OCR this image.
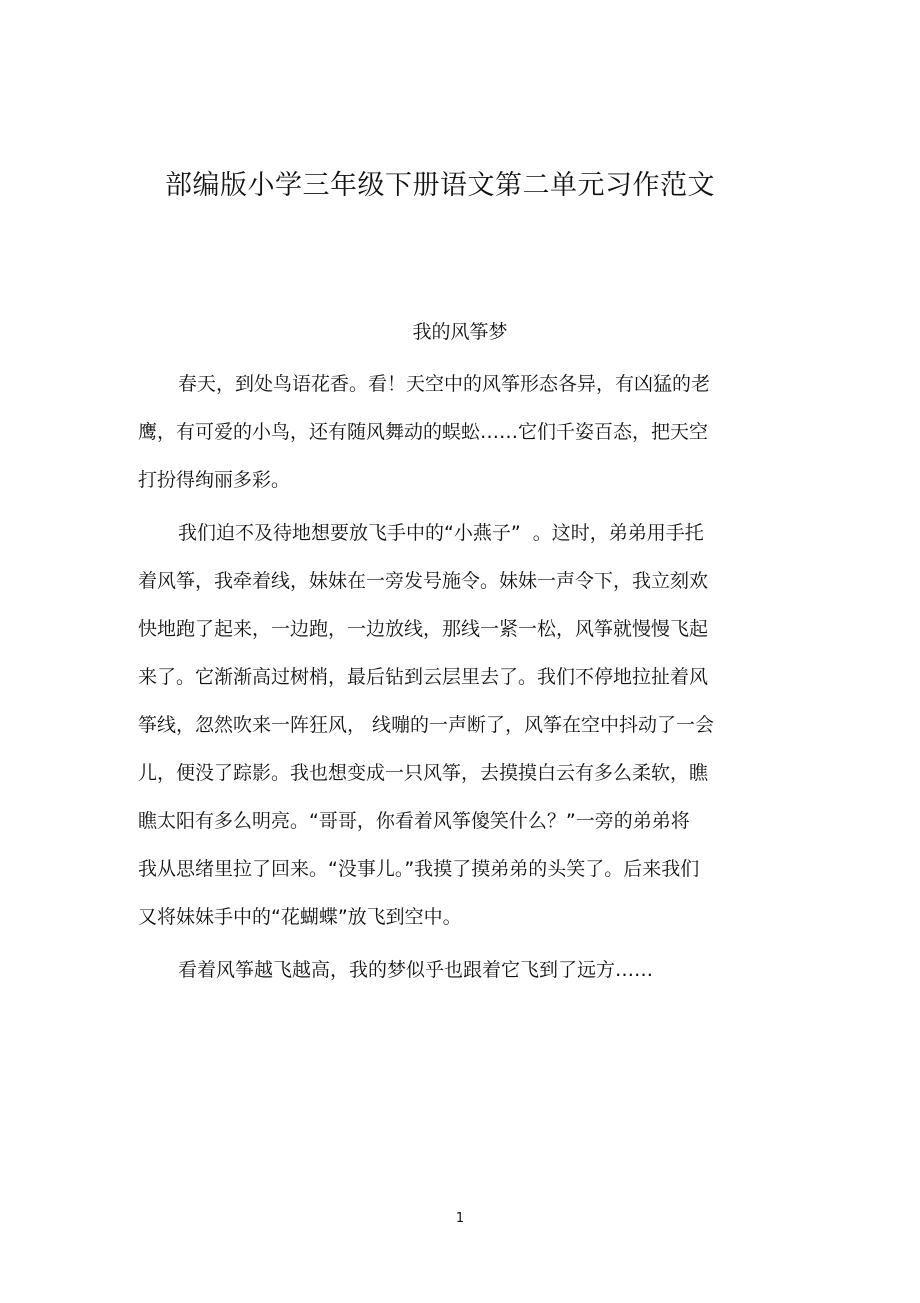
部编版小学三年级下册语文第二单元习作范文
我的风筝梦

春天，到处鸟语花香。看！天空中的风筝形态各异，有凶猛的老
鹰，有可爱的小鸟，还有随风舞动的蜈蚣……它们千姿百态，把天空
打扮得绚丽多彩。

我们迫不及待地想要放飞手中的“小燕子”  。这时，弟弟用手托
着风筝，我牵着线，妹妹在一旁发号施令。妹妹一声令下，我立刻欢
快地跑了起来，一边跑，一边放线，那线一紧一松，风筝就慢慢飞起
来了。它渐渐高过树梢，最后钻到云层里去了。我们不停地拉扯着风
筝线，忽然吹来一阵狂风， 线嘣的一声断了，风筝在空中抖动了一会
儿，便没了踪影。我也想变成一只风筝，去摸摸白云有多么柔软，瞧
瞧太阳有多么明亮。“哥哥，你看着风筝傻笑什么？”一旁的弟弟将
我从思绪里拉了回来。“没事儿。”我摸了摸弟弟的头笑了。后来我们
又将妹妹手中的“花蝴蝶”放飞到空中。

看着风筝越飞越高，我的梦似乎也跟着它飞到了远方……

1
